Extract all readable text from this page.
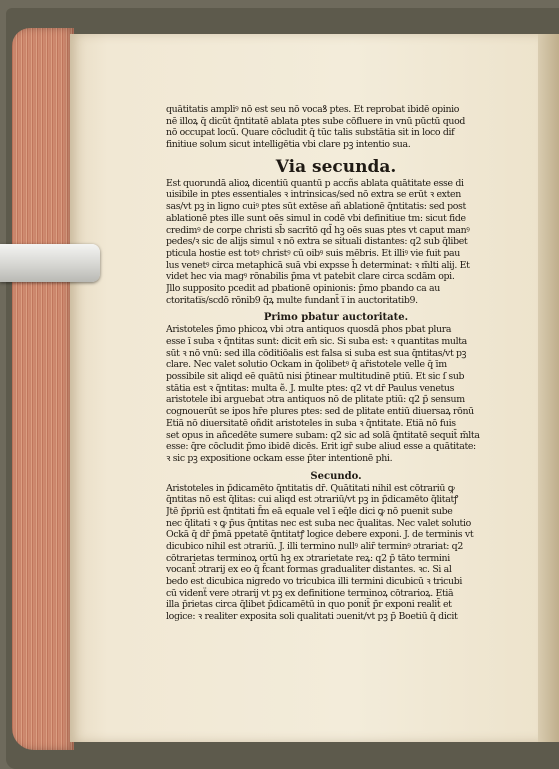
quātitatis ampliꝰ nō est seu nō vocaꝸ ptes. Et reprobat ibidē opinio
nē illoꝝ q̄ dicūt q̄ntitatē ablata ptes sube cōfluere in vnū pūctū quod
nō occupat locū. Quare cōcludit q̄ tūc talis substātia sit in loco dif
finitiue solum sicut intelligētia vbi clare pꝫ intentio sua.
Via secunda.
Est quorundā alioꝝ dicentiū quantū p accñs ablata quātitate esse di
uisibile in ptes essentiales ꝛ intrinsicas/sed nō extra se erūt ꝛ exten
sas/vt pꝫ in ligno cuiꝰ ptes sūt extēse añ ablationē q̄ntitatis: sed post
ablationē ptes ille sunt oēs simul in codē vbi definitiue tm: sicut fide
credimꝰ de corpe christi sb̄ sacrītō qd̄ hꝫ oēs suas ptes vt caput manꝰ
pedes/ꝛ sic de alijs simul ꝛ nō extra se situali distantes: q2 sub q̄libet
pticula hostie est totꝰ christꝰ cū oibꝰ suis mēbris. Et illiꝰ vie fuit pau
lus venetꝰ circa metaphicā suā vbi expsse h̄ determinat: ꝛ m̄lti alij. Et
videt hec via magꝰ rōnabilis p̄ma vt patebit clare circa scdām opi.
Jllo supposito pcedit ad pbationē opinionis: p̄mo pbando ca au
ctoritati̅s/scdō rōnib9 q̄ꝝ multe fundant̄ i̅ in auctoritatib9.
Primo pbatur auctoritate.
Aristoteles p̄mo phicoꝝ vbi ɔtra antiquos quosdā phos pbat plura
esse ī suba ꝛ q̄ntitas sunt: dicit em̄ sic. Si suba est: ꝛ quantitas multa
sūt ꝛ nō vnū: sed illa cōditiōalis est falsa si suba est sua q̄ntitas/vt pꝫ
clare. Nec valet solutio Ockam in q̄olibetꝰ q̄ ar̄istotele velle q̄ īm
possibile sit aliqd eē quātū nisi p̄tinear multitudinē ptiū. Et sic ſ sub
stātia est ꝛ q̄ntitas: multa ẽ. J. multe ptes: q2 vt dr̄ Paulus venetus
aristotele ibi arguebat ɔtra antiquos nō de plitate ptiū: q2 p̄ sensum
cognouerūt se ipos hr̄e plures ptes: sed de plitate entiū diuersaꝝ rōnū
Etiā nō diuersitatē oñdit aristoteles in suba ꝛ q̄ntitate. Etiā nō fuis
set opus in añcedēte sumere subam: q2 sic ad solā q̄ntitatē sequit̄ m̄lta
esse: q̄re cōcludit p̄mo ibidē dicēs. Erit igr̄ sube aliud esse a quātitate:
ꝛ sic pꝫ expositione ockam esse p̄ter intentionē phi.
Secundo.
Aristoteles in p̄dicamēto q̄ntitatis dr̄. Quātitati nihil est cōtrariū ꝙ
q̄ntitas nō est q̄litas: cui aliqd est ɔtrariū/vt pꝫ in p̄dicamēto q̄litatꝭ
Jtē p̄priū est q̄ntitati f̄m eā equale vel ī eq̄le dici ꝙ nō puenit sube
nec q̄litati ꝛ ꝙ p̄us q̄ntitas nec est suba nec q̄ualitas. Nec valet solutio
Ockā q̄ dr̄ p̄mā ppetatē q̄ntitatꝭ logice debere exponi. J. de terminis vt
dicubico nihil est ɔtrariū. J. illi termino nullꝰ alir̄ terminꝰ ɔtrariat: q2
cōtrarietas terminoꝝ ortū hꝫ ex ɔtrarietate reꝝ: q2 p̄ tāto termini
vocant̄ ɔtrarij ex eo q̄ f̄cant formas gradualiter distantes. ꝛc. Si al
bedo est dicubica nigredo vo tricubica illi termini dicubicū ꝛ tricubi
cū videnẗ vere ɔtrarij vt pꝫ ex definitione terminoꝝ cōtrarioꝝ. Etiā
illa p̄rietas circa q̄libet p̄dicamētū in quo ponit̄ p̄r exponi realit̄ et
logice: ꝛ realiter exposita soli qualitati ɔuenit/vt pꝫ p̄ Boetiū q̄ dicit
